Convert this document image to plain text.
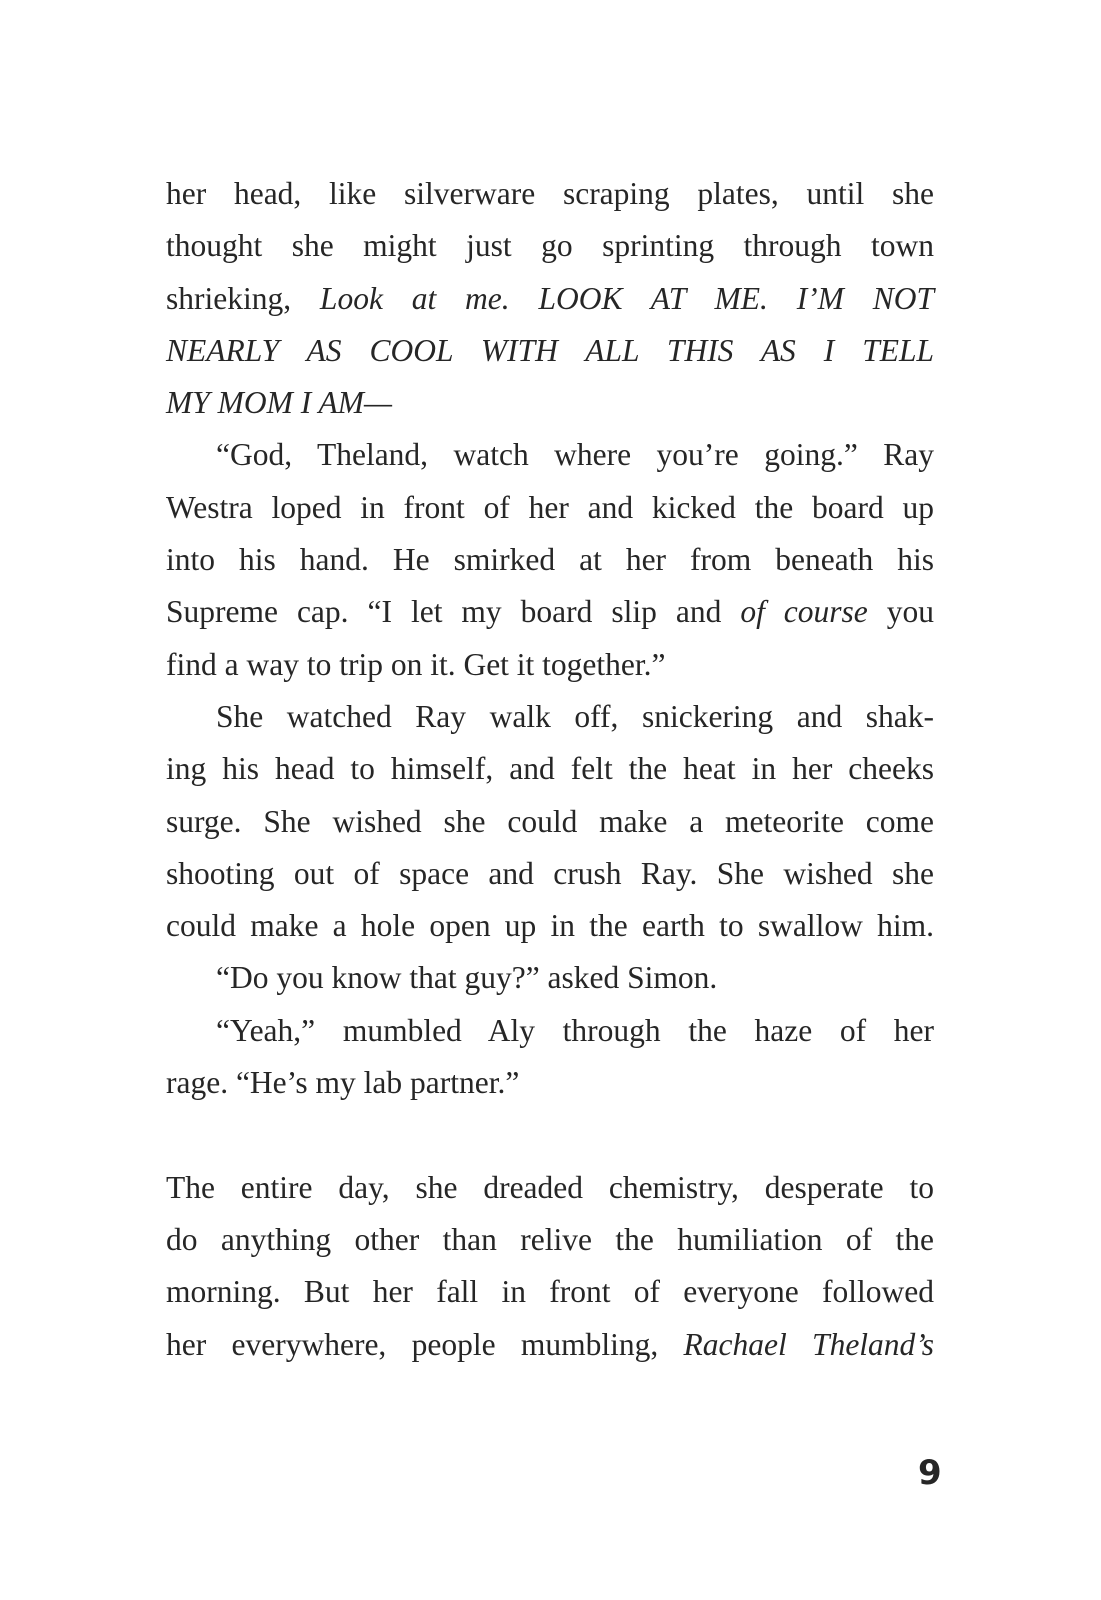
her head, like silverware scraping plates, until she
thought she might just go sprinting through town
shrieking, Look at me. LOOK AT ME. I’M NOT
NEARLY AS COOL WITH ALL THIS AS I TELL
MY MOM I AM—
“God, Theland, watch where you’re going.” Ray
Westra loped in front of her and kicked the board up
into his hand. He smirked at her from beneath his
Supreme cap. “I let my board slip and of course you
find a way to trip on it. Get it together.”
She watched Ray walk off, snickering and shak-
ing his head to himself, and felt the heat in her cheeks
surge. She wished she could make a meteorite come
shooting out of space and crush Ray. She wished she
could make a hole open up in the earth to swallow him.
“Do you know that guy?” asked Simon.
“Yeah,” mumbled Aly through the haze of her
rage. “He’s my lab partner.”
The entire day, she dreaded chemistry, desperate to
do anything other than relive the humiliation of the
morning. But her fall in front of everyone followed
her everywhere, people mumbling, Rachael Theland’s
9
